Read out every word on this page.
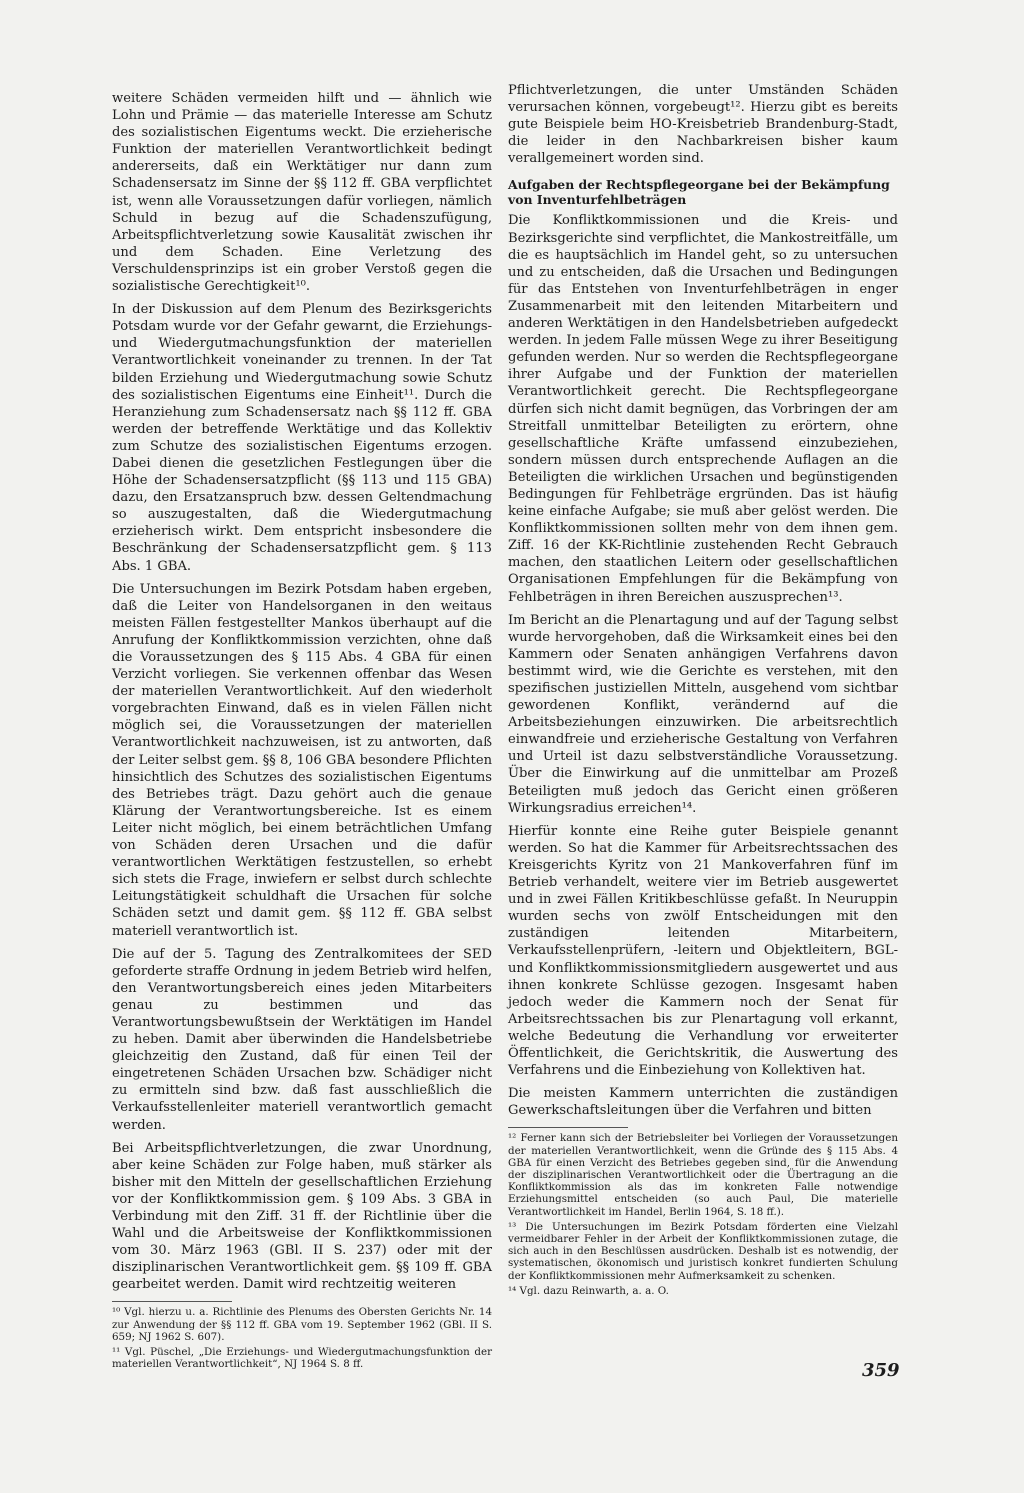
weitere Schäden vermeiden hilft und — ähnlich wie Lohn und Prämie — das materielle Interesse am Schutz des sozialistischen Eigentums weckt. Die erzieherische Funktion der materiellen Verantwortlichkeit bedingt andererseits, daß ein Werktätiger nur dann zum Schadensersatz im Sinne der §§ 112 ff. GBA verpflichtet ist, wenn alle Voraussetzungen dafür vorliegen, nämlich Schuld in bezug auf die Schadenszufügung, Arbeitspflichtverletzung sowie Kausalität zwischen ihr und dem Schaden. Eine Verletzung des Verschuldensprinzips ist ein grober Verstoß gegen die sozialistische Gerechtigkeit¹⁰.

In der Diskussion auf dem Plenum des Bezirksgerichts Potsdam wurde vor der Gefahr gewarnt, die Erziehungs- und Wiedergutmachungsfunktion der materiellen Verantwortlichkeit voneinander zu trennen. In der Tat bilden Erziehung und Wiedergutmachung sowie Schutz des sozialistischen Eigentums eine Einheit¹¹. Durch die Heranziehung zum Schadensersatz nach §§ 112 ff. GBA werden der betreffende Werktätige und das Kollektiv zum Schutze des sozialistischen Eigentums erzogen. Dabei dienen die gesetzlichen Festlegungen über die Höhe der Schadensersatzpflicht (§§ 113 und 115 GBA) dazu, den Ersatzanspruch bzw. dessen Geltendmachung so auszugestalten, daß die Wiedergutmachung erzieherisch wirkt. Dem entspricht insbesondere die Beschränkung der Schadensersatzpflicht gem. § 113 Abs. 1 GBA.

Die Untersuchungen im Bezirk Potsdam haben ergeben, daß die Leiter von Handelsorganen in den weitaus meisten Fällen festgestellter Mankos überhaupt auf die Anrufung der Konfliktkommission verzichten, ohne daß die Voraussetzungen des § 115 Abs. 4 GBA für einen Verzicht vorliegen. Sie verkennen offenbar das Wesen der materiellen Verantwortlichkeit. Auf den wiederholt vorgebrachten Einwand, daß es in vielen Fällen nicht möglich sei, die Voraussetzungen der materiellen Verantwortlichkeit nachzuweisen, ist zu antworten, daß der Leiter selbst gem. §§ 8, 106 GBA besondere Pflichten hinsichtlich des Schutzes des sozialistischen Eigentums des Betriebes trägt. Dazu gehört auch die genaue Klärung der Verantwortungsbereiche. Ist es einem Leiter nicht möglich, bei einem beträchtlichen Umfang von Schäden deren Ursachen und die dafür verantwortlichen Werktätigen festzustellen, so erhebt sich stets die Frage, inwiefern er selbst durch schlechte Leitungstätigkeit schuldhaft die Ursachen für solche Schäden setzt und damit gem. §§ 112 ff. GBA selbst materiell verantwortlich ist.

Die auf der 5. Tagung des Zentralkomitees der SED geforderte straffe Ordnung in jedem Betrieb wird helfen, den Verantwortungsbereich eines jeden Mitarbeiters genau zu bestimmen und das Verantwortungsbewußtsein der Werktätigen im Handel zu heben. Damit aber überwinden die Handelsbetriebe gleichzeitig den Zustand, daß für einen Teil der eingetretenen Schäden Ursachen bzw. Schädiger nicht zu ermitteln sind bzw. daß fast ausschließlich die Verkaufsstellenleiter materiell verantwortlich gemacht werden.

Bei Arbeitspflichtverletzungen, die zwar Unordnung, aber keine Schäden zur Folge haben, muß stärker als bisher mit den Mitteln der gesellschaftlichen Erziehung vor der Konfliktkommission gem. § 109 Abs. 3 GBA in Verbindung mit den Ziff. 31 ff. der Richtlinie über die Wahl und die Arbeitsweise der Konfliktkommissionen vom 30. März 1963 (GBl. II S. 237) oder mit der disziplinarischen Verantwortlichkeit gem. §§ 109 ff. GBA gearbeitet werden. Damit wird rechtzeitig weiteren

¹⁰ Vgl. hierzu u. a. Richtlinie des Plenums des Obersten Gerichts Nr. 14 zur Anwendung der §§ 112 ff. GBA vom 19. September 1962 (GBl. II S. 659; NJ 1962 S. 607).

¹¹ Vgl. Püschel, „Die Erziehungs- und Wiedergutmachungsfunktion der materiellen Verantwortlichkeit“, NJ 1964 S. 8 ff.

Pflichtverletzungen, die unter Umständen Schäden verursachen können, vorgebeugt¹². Hierzu gibt es bereits gute Beispiele beim HO-Kreisbetrieb Brandenburg-Stadt, die leider in den Nachbarkreisen bisher kaum verallgemeinert worden sind.

Aufgaben der Rechtspflegeorgane bei der Bekämpfung von Inventurfehlbeträgen

Die Konfliktkommissionen und die Kreis- und Bezirksgerichte sind verpflichtet, die Mankostreitfälle, um die es hauptsächlich im Handel geht, so zu untersuchen und zu entscheiden, daß die Ursachen und Bedingungen für das Entstehen von Inventurfehlbeträgen in enger Zusammenarbeit mit den leitenden Mitarbeitern und anderen Werktätigen in den Handelsbetrieben aufgedeckt werden. In jedem Falle müssen Wege zu ihrer Beseitigung gefunden werden. Nur so werden die Rechtspflegeorgane ihrer Aufgabe und der Funktion der materiellen Verantwortlichkeit gerecht. Die Rechtspflegeorgane dürfen sich nicht damit begnügen, das Vorbringen der am Streitfall unmittelbar Beteiligten zu erörtern, ohne gesellschaftliche Kräfte umfassend einzubeziehen, sondern müssen durch entsprechende Auflagen an die Beteiligten die wirklichen Ursachen und begünstigenden Bedingungen für Fehlbeträge ergründen. Das ist häufig keine einfache Aufgabe; sie muß aber gelöst werden. Die Konfliktkommissionen sollten mehr von dem ihnen gem. Ziff. 16 der KK-Richtlinie zustehenden Recht Gebrauch machen, den staatlichen Leitern oder gesellschaftlichen Organisationen Empfehlungen für die Bekämpfung von Fehlbeträgen in ihren Bereichen auszusprechen¹³.

Im Bericht an die Plenartagung und auf der Tagung selbst wurde hervorgehoben, daß die Wirksamkeit eines bei den Kammern oder Senaten anhängigen Verfahrens davon bestimmt wird, wie die Gerichte es verstehen, mit den spezifischen justiziellen Mitteln, ausgehend vom sichtbar gewordenen Konflikt, verändernd auf die Arbeitsbeziehungen einzuwirken. Die arbeitsrechtlich einwandfreie und erzieherische Gestaltung von Verfahren und Urteil ist dazu selbstverständliche Voraussetzung. Über die Einwirkung auf die unmittelbar am Prozeß Beteiligten muß jedoch das Gericht einen größeren Wirkungsradius erreichen¹⁴.

Hierfür konnte eine Reihe guter Beispiele genannt werden. So hat die Kammer für Arbeitsrechtssachen des Kreisgerichts Kyritz von 21 Mankoverfahren fünf im Betrieb verhandelt, weitere vier im Betrieb ausgewertet und in zwei Fällen Kritikbeschlüsse gefaßt. In Neuruppin wurden sechs von zwölf Entscheidungen mit den zuständigen leitenden Mitarbeitern, Verkaufsstellenprüfern, -leitern und Objektleitern, BGL- und Konfliktkommissionsmitgliedern ausgewertet und aus ihnen konkrete Schlüsse gezogen. Insgesamt haben jedoch weder die Kammern noch der Senat für Arbeitsrechtssachen bis zur Plenartagung voll erkannt, welche Bedeutung die Verhandlung vor erweiterter Öffentlichkeit, die Gerichtskritik, die Auswertung des Verfahrens und die Einbeziehung von Kollektiven hat.

Die meisten Kammern unterrichten die zuständigen Gewerkschaftsleitungen über die Verfahren und bitten

¹² Ferner kann sich der Betriebsleiter bei Vorliegen der Voraussetzungen der materiellen Verantwortlichkeit, wenn die Gründe des § 115 Abs. 4 GBA für einen Verzicht des Betriebes gegeben sind, für die Anwendung der disziplinarischen Verantwortlichkeit oder die Übertragung an die Konfliktkommission als das im konkreten Falle notwendige Erziehungsmittel entscheiden (so auch Paul, Die materielle Verantwortlichkeit im Handel, Berlin 1964, S. 18 ff.).

¹³ Die Untersuchungen im Bezirk Potsdam förderten eine Vielzahl vermeidbarer Fehler in der Arbeit der Konfliktkommissionen zutage, die sich auch in den Beschlüssen ausdrücken. Deshalb ist es notwendig, der systematischen, ökonomisch und juristisch konkret fundierten Schulung der Konfliktkommissionen mehr Aufmerksamkeit zu schenken.

¹⁴ Vgl. dazu Reinwarth, a. a. O.

359
